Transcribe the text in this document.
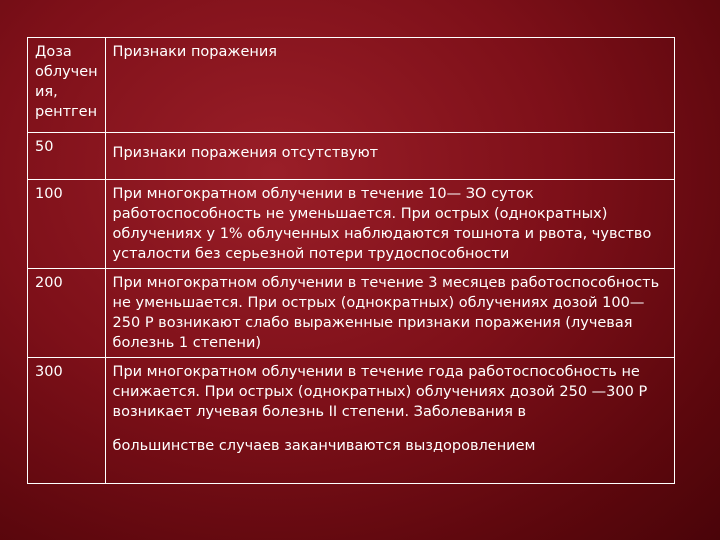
Доза
облучен
ия,
рентген	Признаки поражения
50	Признаки поражения отсутствуют
100	При многократном облучении в течение 10— ЗО суток работоспособность не уменьшается. При острых (однократных) облучениях у 1% облученных наблюдаются тошнота и рвота, чувство усталости без серьезной потери трудоспособности
200	При многократном облучении в течение 3 месяцев работоспособность не уменьшается. При острых (однократных) облучениях дозой 100—250 Р возникают слабо выраженные признаки поражения (лучевая болезнь 1 степени)
300	При многократном облучении в течение года работоспособность не снижается. При острых (однократных) облучениях дозой 250 —300 Р возникает лучевая болезнь II степени. Заболевания в
большинстве случаев заканчиваются выздоровлением
